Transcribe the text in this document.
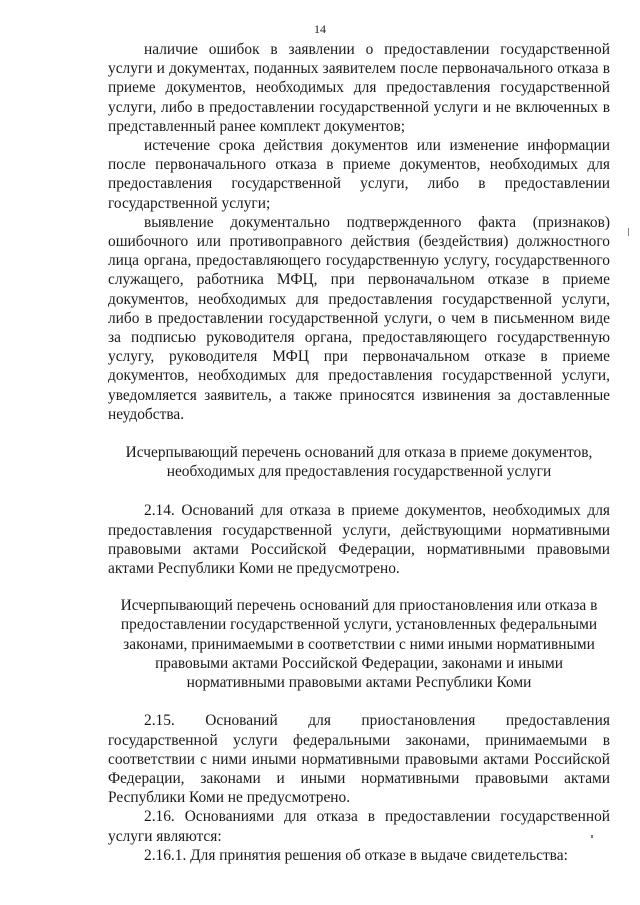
14

наличие ошибок в заявлении о предоставлении государственной услуги и документах, поданных заявителем после первоначального отказа в приеме документов, необходимых для предоставления государственной услуги, либо в предоставлении государственной услуги и не включенных в представленный ранее комплект документов;

истечение срока действия документов или изменение информации после первоначального отказа в приеме документов, необходимых для предоставления государственной услуги, либо в предоставлении государственной услуги;

выявление документально подтвержденного факта (признаков) ошибочного или противоправного действия (бездействия) должностного лица органа, предоставляющего государственную услугу, государственного служащего, работника МФЦ, при первоначальном отказе в приеме документов, необходимых для предоставления государственной услуги, либо в предоставлении государственной услуги, о чем в письменном виде за подписью руководителя органа, предоставляющего государственную услугу, руководителя МФЦ при первоначальном отказе в приеме документов, необходимых для предоставления государственной услуги, уведомляется заявитель, а также приносятся извинения за доставленные неудобства.

Исчерпывающий перечень оснований для отказа в приеме документов, необходимых для предоставления государственной услуги

2.14. Оснований для отказа в приеме документов, необходимых для предоставления государственной услуги, действующими нормативными правовыми актами Российской Федерации, нормативными правовыми актами Республики Коми не предусмотрено.

Исчерпывающий перечень оснований для приостановления или отказа в предоставлении государственной услуги, установленных федеральными законами, принимаемыми в соответствии с ними иными нормативными правовыми актами Российской Федерации, законами и иными нормативными правовыми актами Республики Коми

2.15. Оснований для приостановления предоставления государственной услуги федеральными законами, принимаемыми в соответствии с ними иными нормативными правовыми актами Российской Федерации, законами и иными нормативными правовыми актами Республики Коми не предусмотрено.

2.16. Основаниями для отказа в предоставлении государственной услуги являются:

2.16.1. Для принятия решения об отказе в выдаче свидетельства:
